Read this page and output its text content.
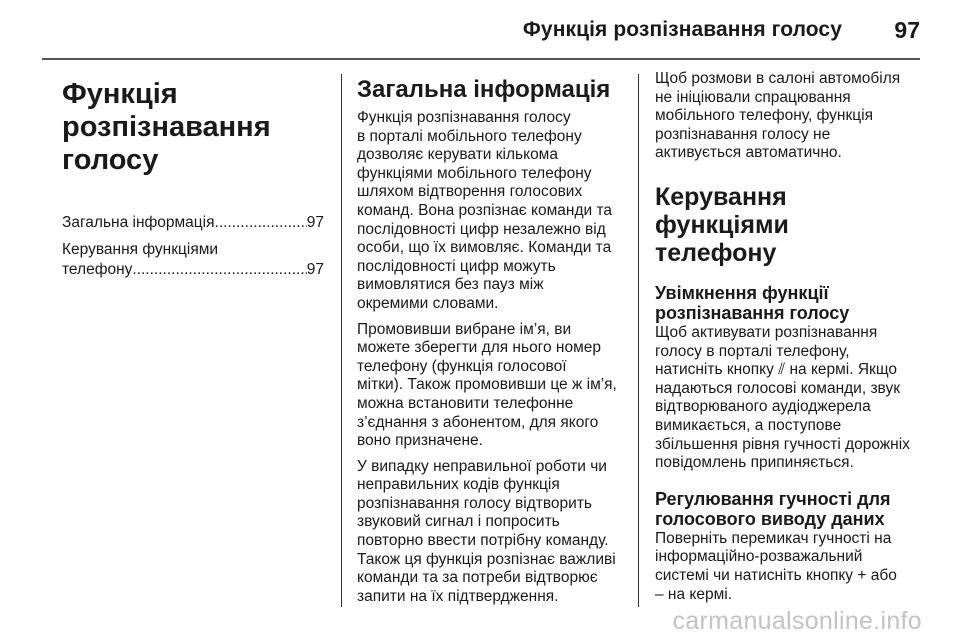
Функція розпізнавання голосу 97
Функція
розпізнавання
голосу
Загальна інформація .....	97
Керування функціями
телефону .....	97
Загальна інформація

Функція розпізнавання голосу
в порталі мобільного телефону
дозволяє керувати кількома
функціями мобільного телефону
шляхом відтворення голосових
команд. Вона розпізнає команди та
послідовності цифр незалежно від
особи, що їх вимовляє. Команди та
послідовності цифр можуть
вимовлятися без пауз між
окремими словами.

Промовивши вибране ім’я, ви
можете зберегти для нього номер
телефону (функція голосової
мітки). Також промовивши це ж ім’я,
можна встановити телефонне
з’єднання з абонентом, для якого
воно призначене.

У випадку неправильної роботи чи
неправильних кодів функція
розпізнавання голосу відтворить
звуковий сигнал і попросить
повторно ввести потрібну команду.
Також ця функція розпізнає важливі
команди та за потреби відтворює
запити на їх підтвердження.

Щоб розмови в салоні автомобіля
не ініціювали спрацювання
мобільного телефону, функція
розпізнавання голосу не
активується автоматично.

Керування функціями
телефону
Увімкнення функції
розпізнавання голосу

Щоб активувати розпізнавання
голосу в порталі телефону,
натисніть кнопку ⫽ на кермі. Якщо
надаються голосові команди, звук
відтворюваного аудіоджерела
вимикається, а поступове
збільшення рівня гучності дорожніх
повідомлень припиняється.

Регулювання гучності для
голосового виводу даних

Поверніть перемикач гучності на
інформаційно-розважальний
системі чи натисніть кнопку + або
– на кермі.

carmanualsonline.info
